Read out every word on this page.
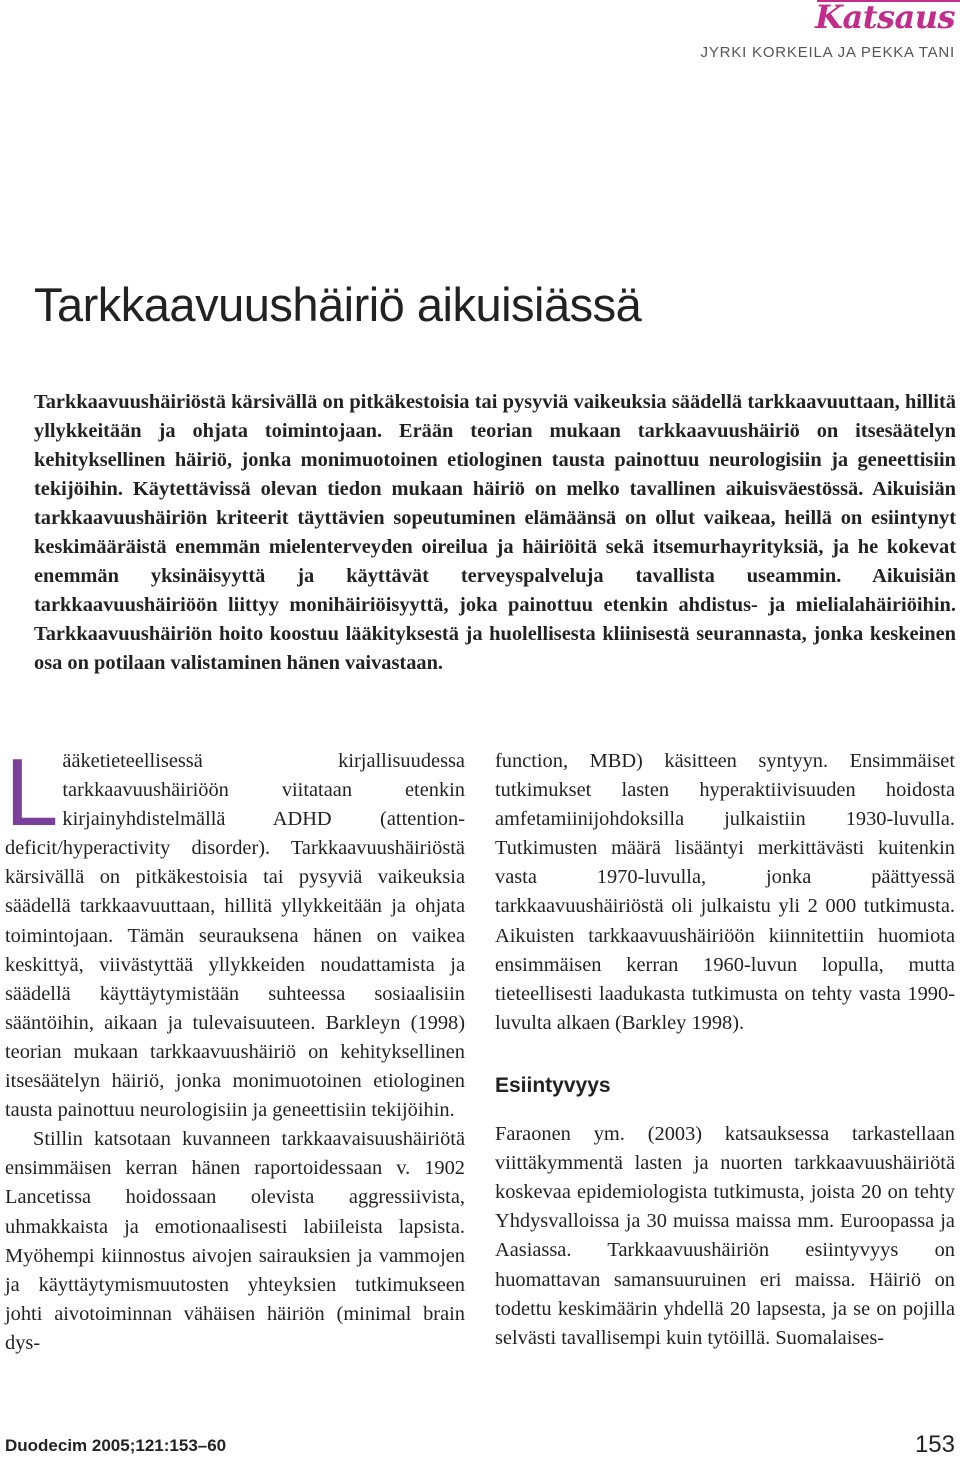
Katsaus

JYRKI KORKEILA JA PEKKA TANI

Tarkkaavuushäiriö aikuisiässä

Tarkkaavuushäiriöstä kärsivällä on pitkäkestoisia tai pysyviä vaikeuksia säädellä tarkkaavuuttaan, hillitä yllykkeitään ja ohjata toimintojaan. Erään teorian mukaan tarkkaavuushäiriö on itsesäätelyn kehityksellinen häiriö, jonka monimuotoinen etiologinen tausta painottuu neurologisiin ja geneettisiin tekijöihin. Käytettävissä olevan tiedon mukaan häiriö on melko tavallinen aikuisväestössä. Aikuisiän tarkkaavuushäiriön kriteerit täyttävien sopeutuminen elämäänsä on ollut vaikeaa, heillä on esiintynyt keskimääräistä enemmän mielenterveyden oireilua ja häiriöitä sekä itsemurhayrityksiä, ja he kokevat enemmän yksinäisyyttä ja käyttävät terveyspalveluja tavallista useammin. Aikuisiän tarkkaavuushäiriöön liittyy monihäiriöisyyttä, joka painottuu etenkin ahdistus- ja mielialahäiriöihin. Tarkkaavuushäiriön hoito koostuu lääkityksestä ja huolellisesta kliinisestä seurannasta, jonka keskeinen osa on potilaan valistaminen hänen vaivastaan.

Lääketieteellisessä kirjallisuudessa tarkkaavuushäiriöön viitataan etenkin kirjainyhdistelmällä ADHD (attention-deficit/hyperactivity disorder). Tarkkaavuushäiriöstä kärsivällä on pitkäkestoisia tai pysyviä vaikeuksia säädellä tarkkaavuuttaan, hillitä yllykkeitään ja ohjata toimintojaan. Tämän seurauksena hänen on vaikea keskittyä, viivästyttää yllykkeiden noudattamista ja säädellä käyttäytymistään suhteessa sosiaalisiin sääntöihin, aikaan ja tulevaisuuteen. Barkleyn (1998) teorian mukaan tarkkaavuushäiriö on kehityksellinen itsesäätelyn häiriö, jonka monimuotoinen etiologinen tausta painottuu neurologisiin ja geneettisiin tekijöihin.

Stillin katsotaan kuvanneen tarkkaavaisuushäiriötä ensimmäisen kerran hänen raportoidessaan v. 1902 Lancetissa hoidossaan olevista aggressiivista, uhmakkaista ja emotionaalisesti labiileista lapsista. Myöhempi kiinnostus aivojen sairauksien ja vammojen ja käyttäytymismuutosten yhteyksien tutkimukseen johti aivotoiminnan vähäisen häiriön (minimal brain dys-

function, MBD) käsitteen syntyyn. Ensimmäiset tutkimukset lasten hyperaktiivisuuden hoidosta amfetamiinijohdoksilla julkaistiin 1930-luvulla. Tutkimusten määrä lisääntyi merkittävästi kuitenkin vasta 1970-luvulla, jonka päättyessä tarkkaavuushäiriöstä oli julkaistu yli 2 000 tutkimusta. Aikuisten tarkkaavuushäiriöön kiinnitettiin huomiota ensimmäisen kerran 1960-luvun lopulla, mutta tieteellisesti laadukasta tutkimusta on tehty vasta 1990-luvulta alkaen (Barkley 1998).

Esiintyvyys

Faraonen ym. (2003) katsauksessa tarkastellaan viittäkymmentä lasten ja nuorten tarkkaavuushäiriötä koskevaa epidemiologista tutkimusta, joista 20 on tehty Yhdysvalloissa ja 30 muissa maissa mm. Euroopassa ja Aasiassa. Tarkkaavuushäiriön esiintyvyys on huomattavan samansuuruinen eri maissa. Häiriö on todettu keskimäärin yhdellä 20 lapsesta, ja se on pojilla selvästi tavallisempi kuin tytöillä. Suomalaises-

Duodecim 2005;121:153–60	153
